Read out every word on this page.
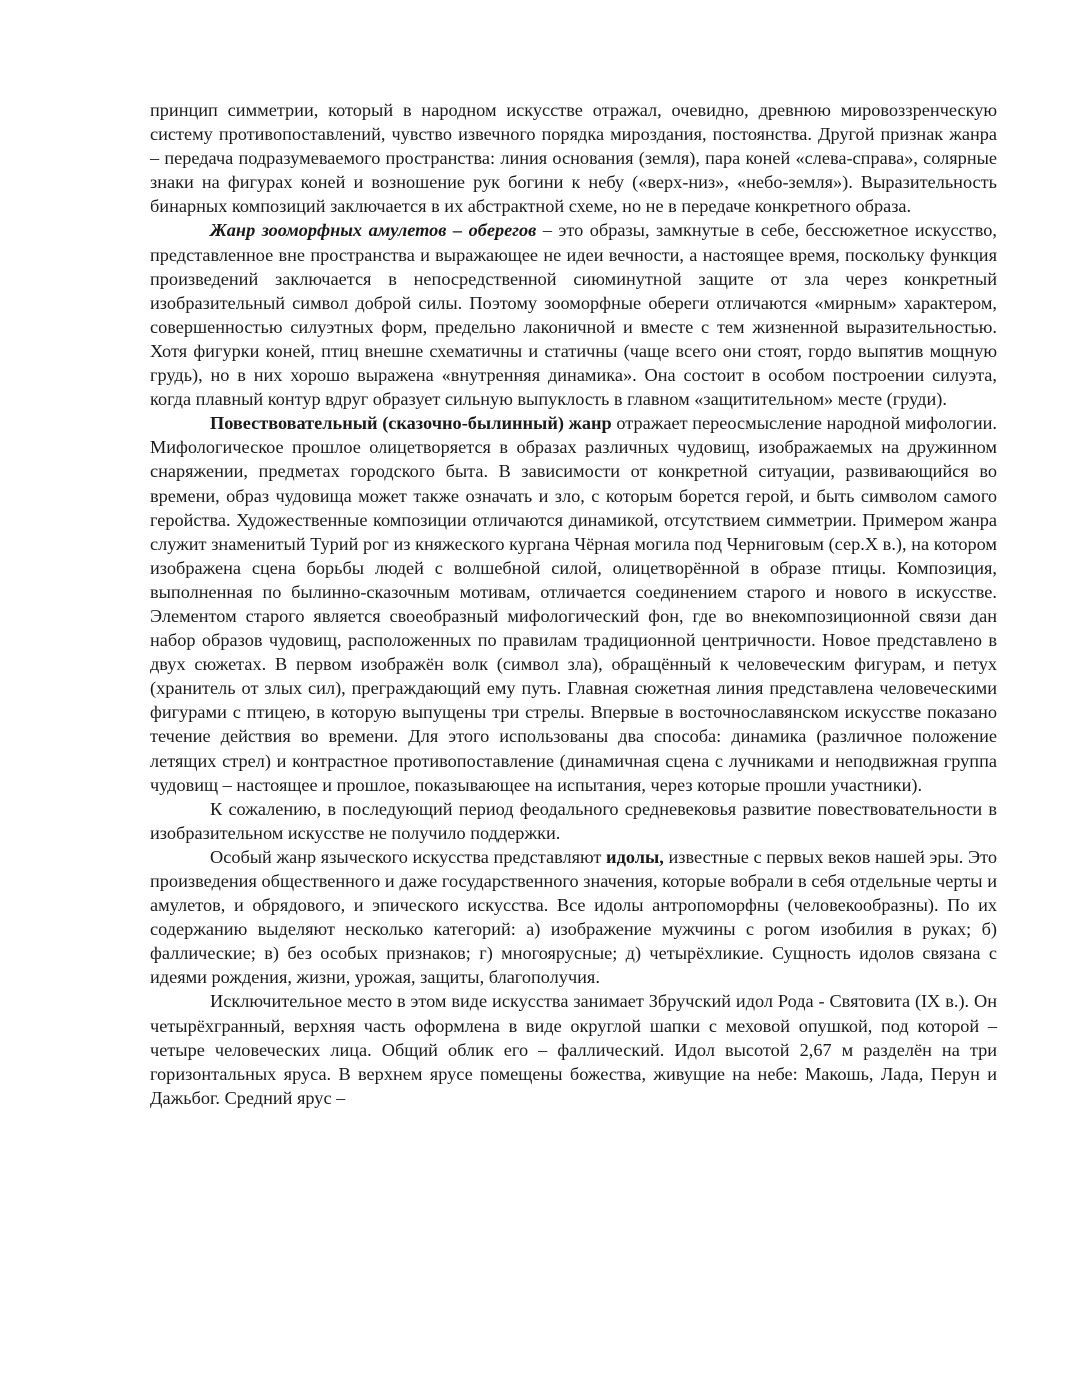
принцип симметрии, который в народном искусстве отражал, очевидно, древнюю мировоззренческую систему противопоставлений, чувство извечного порядка мироздания, постоянства. Другой признак жанра – передача подразумеваемого пространства: линия основания (земля), пара коней «слева-справа», солярные знаки на фигурах коней и вознoшение рук богини к небу («верх-низ», «небо-земля»). Выразительность бинарных композиций заключается в их абстрактной схеме, но не в передаче конкретного образа.

Жанр зооморфных амулетов – оберегов – это образы, замкнутые в себе, бессюжетное искусство, представленное вне пространства и выражающее не идеи вечности, а настоящее время, поскольку функция произведений заключается в непосредственной сиюминутной защите от зла через конкретный изобразительный символ доброй силы. Поэтому зооморфные обереги отличаются «мирным» характером, совершенностью силуэтных форм, предельно лаконичной и вместе с тем жизненной выразительностью. Хотя фигурки коней, птиц внешне схематичны и статичны (чаще всего они стоят, гордо выпятив мощную грудь), но в них хорошо выражена «внутренняя динамика». Она состоит в особом построении силуэта, когда плавный контур вдруг образует сильную выпуклость в главном «защитительном» месте (груди).

Повествовательный (сказочно-былинный) жанр отражает переосмысление народной мифологии. Мифологическое прошлое олицетворяется в образах различных чудовищ, изображаемых на дружинном снаряжении, предметах городского быта. В зависимости от конкретной ситуации, развивающийся во времени, образ чудовища может также означать и зло, с которым борется герой, и быть символом самого геройства. Художественные композиции отличаются динамикой, отсутствием симметрии. Примером жанра служит знаменитый Турий рог из княжеского кургана Чёрная могила под Черниговым (сер.Х в.), на котором изображена сцена борьбы людей с волшебной силой, олицетворённой в образе птицы. Композиция, выполненная по былинно-сказочным мотивам, отличается соединением старого и нового в искусстве. Элементом старого является своеобразный мифологический фон, где во внекомпозиционной связи дан набор образов чудовищ, расположенных по правилам традиционной центричности. Новое представлено в двух сюжетах. В первом изображён волк (символ зла), обращённый к человеческим фигурам, и петух (хранитель от злых сил), преграждающий ему путь. Главная сюжетная линия представлена человеческими фигурами с птицею, в которую выпущены три стрелы. Впервые в восточнославянском искусстве показано течение действия во времени. Для этого использованы два способа: динамика (различное положение летящих стрел) и контрастное противопоставление (динамичная сцена с лучниками и неподвижная группа чудовищ – настоящее и прошлое, показывающее на испытания, через которые прошли участники).

К сожалению, в последующий период феодального средневековья развитие повествовательности в изобразительном искусстве не получило поддержки.

Особый жанр языческого искусства представляют идолы, известные с первых веков нашей эры. Это произведения общественного и даже государственного значения, которые вобрали в себя отдельные черты и амулетов, и обрядового, и эпического искусства. Все идолы антропоморфны (человекообразны). По их содержанию выделяют несколько категорий: а) изображение мужчины с рогом изобилия в руках; б) фаллические; в) без особых признаков; г) многоярусные; д) четырёхликие. Сущность идолов связана с идеями рождения, жизни, урожая, защиты, благополучия.

Исключительное место в этом виде искусства занимает Збручский идол Рода - Святовита (IX в.). Он четырёхгранный, верхняя часть оформлена в виде округлой шапки с меховой опушкой, под которой – четыре человеческих лица. Общий облик его – фаллический. Идол высотой 2,67 м разделён на три горизонтальных яруса. В верхнем ярусе помещены божества, живущие на небе: Макошь, Лада, Перун и Дажьбог. Средний ярус –
